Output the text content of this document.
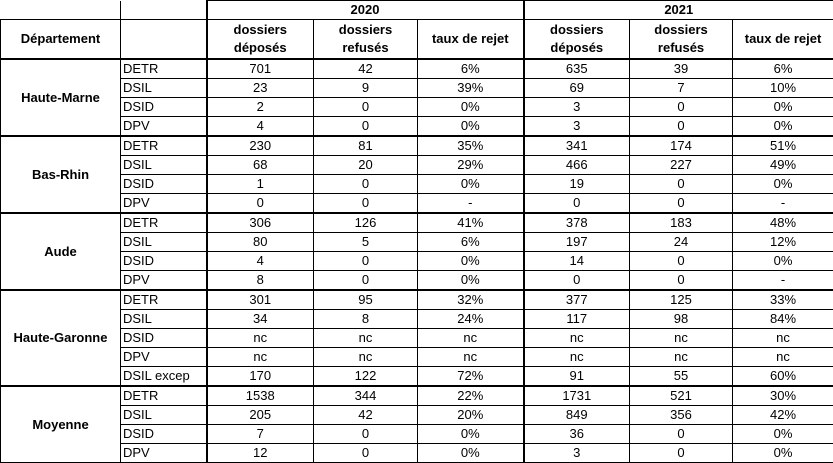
		2020			2021		
Département		dossiers déposés	dossiers refusés	taux de rejet	dossiers déposés	dossiers refusés	taux de rejet
Haute-Marne	DETR	701	42	6%	635	39	6%
	DSIL	23	9	39%	69	7	10%
	DSID	2	0	0%	3	0	0%
	DPV	4	0	0%	3	0	0%
Bas-Rhin	DETR	230	81	35%	341	174	51%
	DSIL	68	20	29%	466	227	49%
	DSID	1	0	0%	19	0	0%
	DPV	0	0	-	0	0	-
Aude	DETR	306	126	41%	378	183	48%
	DSIL	80	5	6%	197	24	12%
	DSID	4	0	0%	14	0	0%
	DPV	8	0	0%	0	0	-
Haute-Garonne	DETR	301	95	32%	377	125	33%
	DSIL	34	8	24%	117	98	84%
	DSID	nc	nc	nc	nc	nc	nc
	DPV	nc	nc	nc	nc	nc	nc
	DSIL excep	170	122	72%	91	55	60%
Moyenne	DETR	1538	344	22%	1731	521	30%
	DSIL	205	42	20%	849	356	42%
	DSID	7	0	0%	36	0	0%
	DPV	12	0	0%	3	0	0%
